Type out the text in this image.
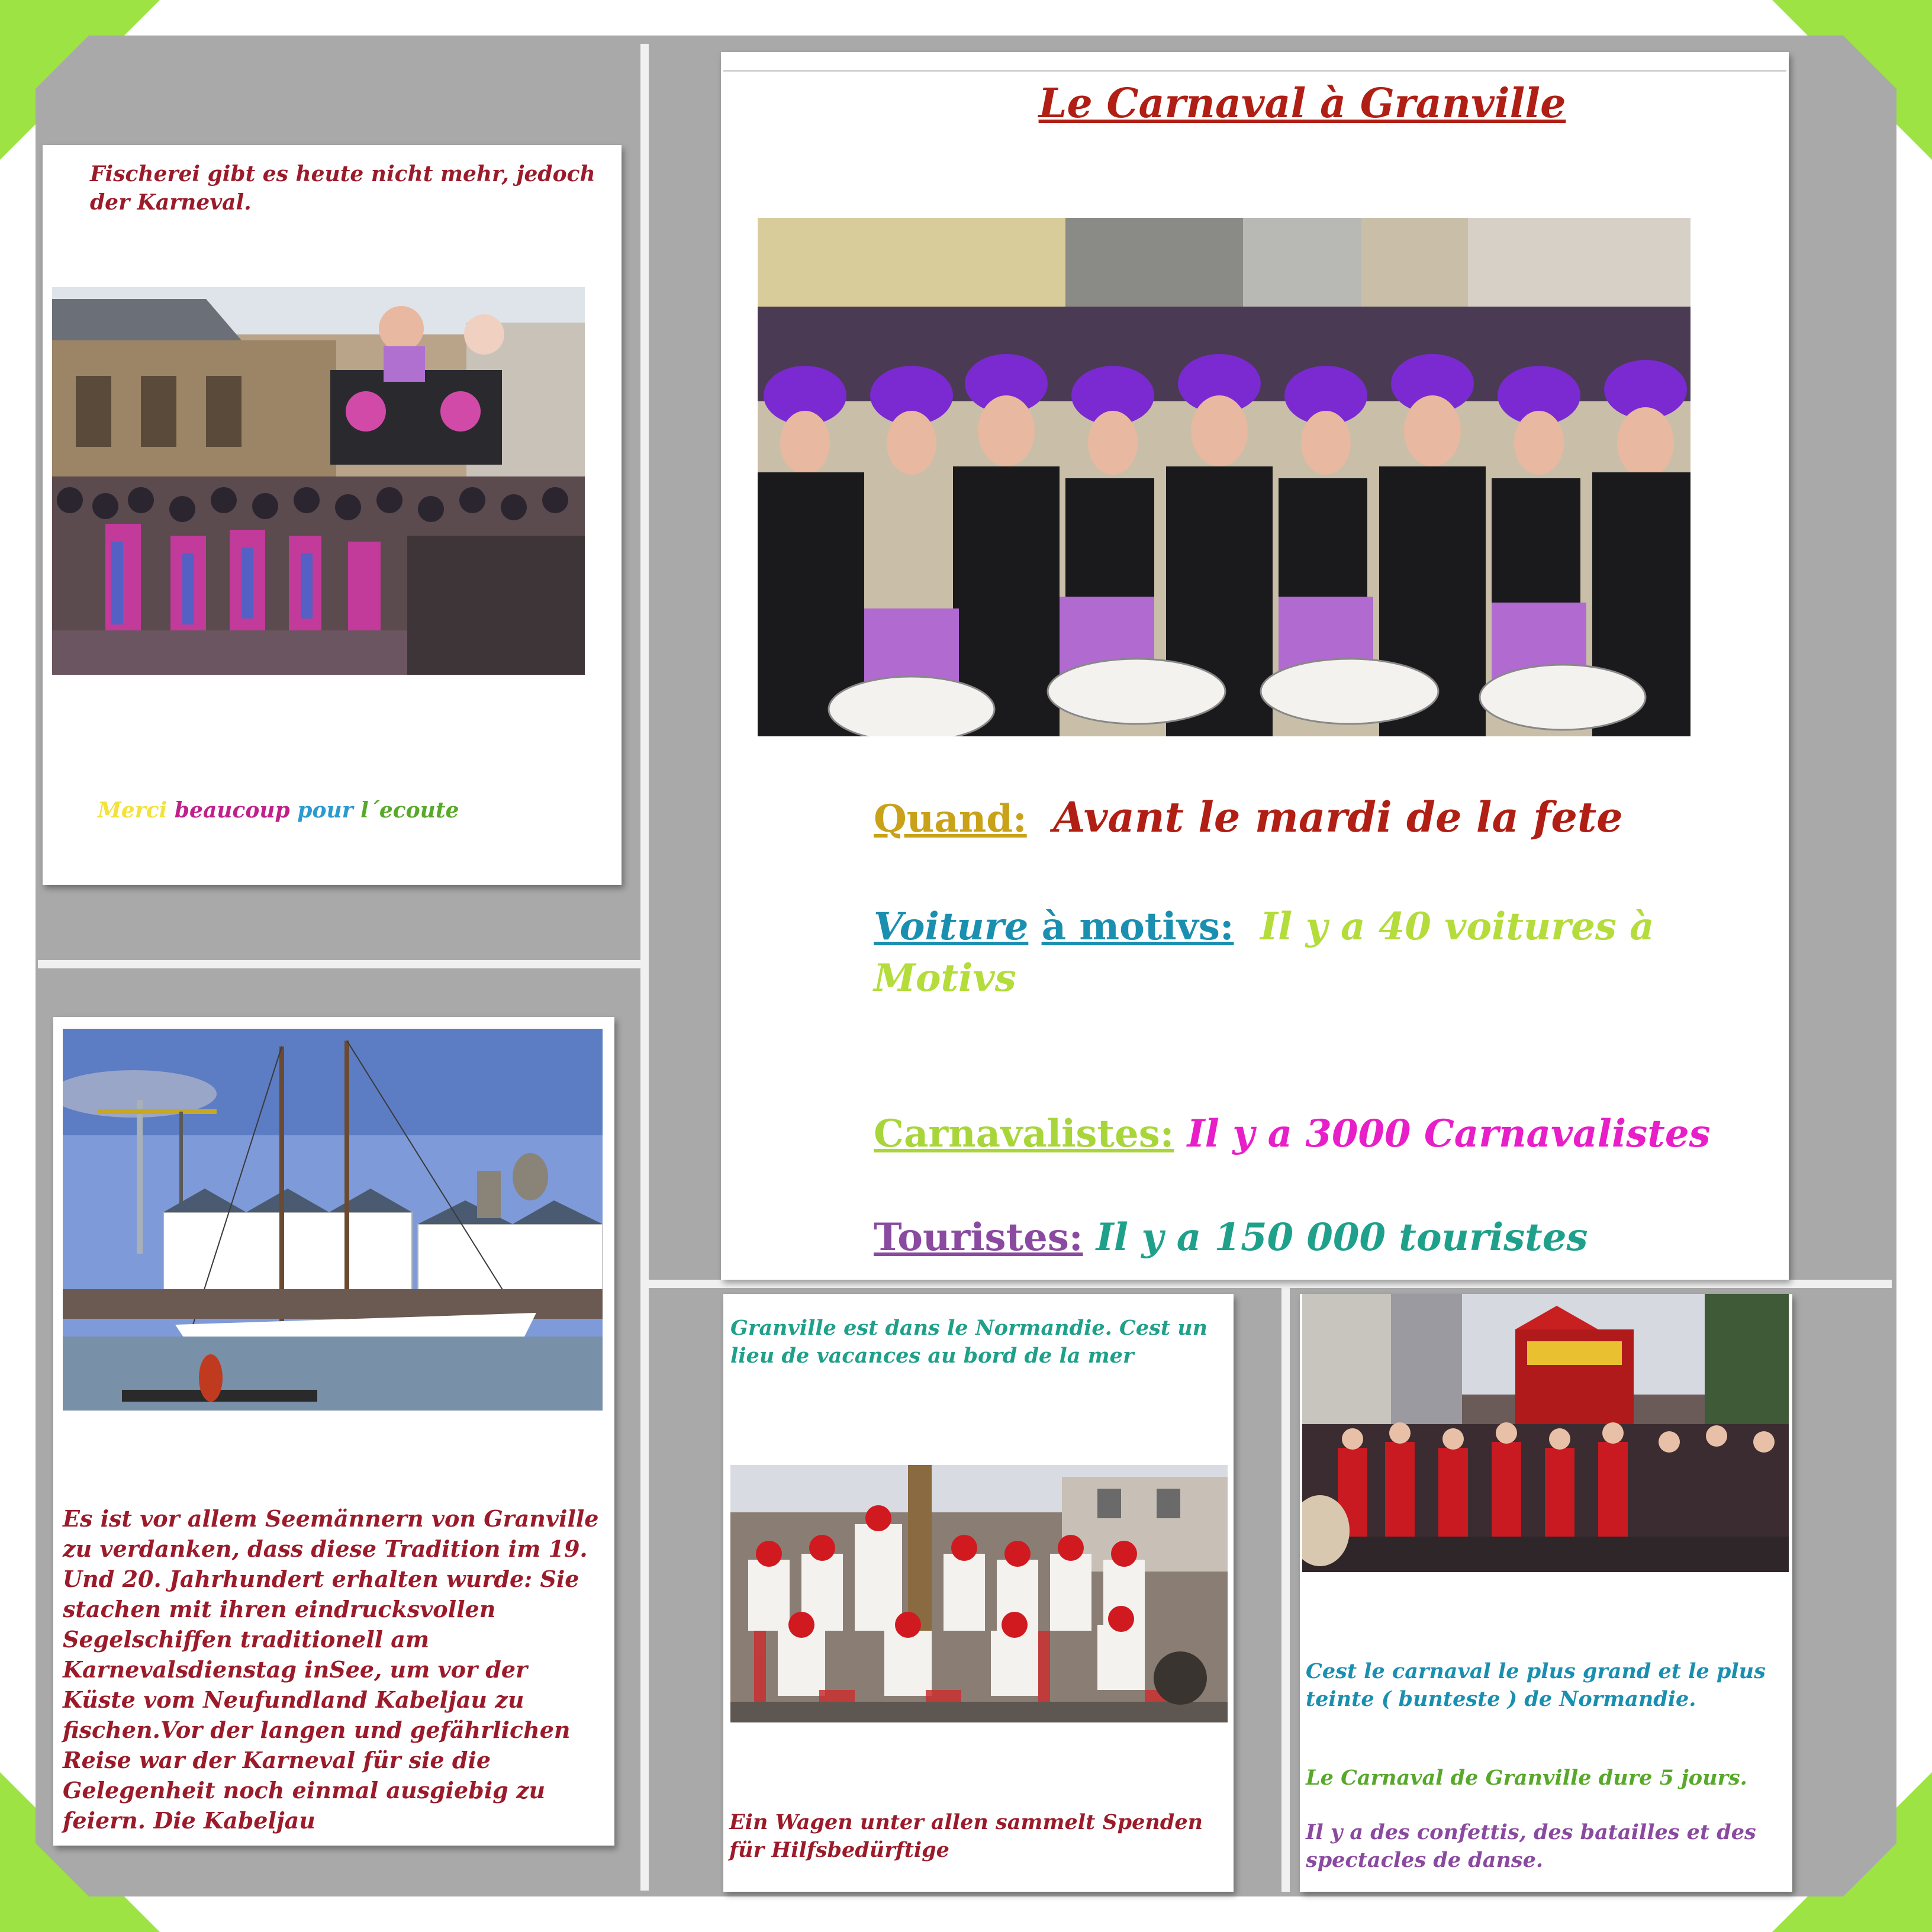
Fischerei gibt es heute nicht mehr, jedoch der Karneval.

Merci beaucoup pour l´ecoute

Le Carnaval à Granville

Quand: Avant le mardi de la fete

Voiture à motivs: Il y a 40 voitures à

Motivs

Carnavalistes: Il y a 3000 Carnavalistes

Touristes: Il y a 150 000 touristes

Es ist vor allem Seemännern von Granville zu verdanken, dass diese Tradition im 19. Und 20. Jahrhundert erhalten wurde: Sie stachen mit ihren eindrucksvollen Segelschiffen traditionell am Karnevalsdienstag inSee, um vor der Küste vom Neufundland Kabeljau zu fischen.Vor der langen und gefährlichen Reise war der Karneval für sie die Gelegenheit noch einmal ausgiebig zu feiern. Die Kabeljau

Granville est dans le Normandie. Cest un lieu de vacances au bord de la mer

Ein Wagen unter allen sammelt Spenden für Hilfsbedürftige

Cest le carnaval le plus grand et le plus teinte ( bunteste ) de Normandie.

Le Carnaval de Granville dure 5 jours.

Il y a des confettis, des batailles et des spectacles de danse.
